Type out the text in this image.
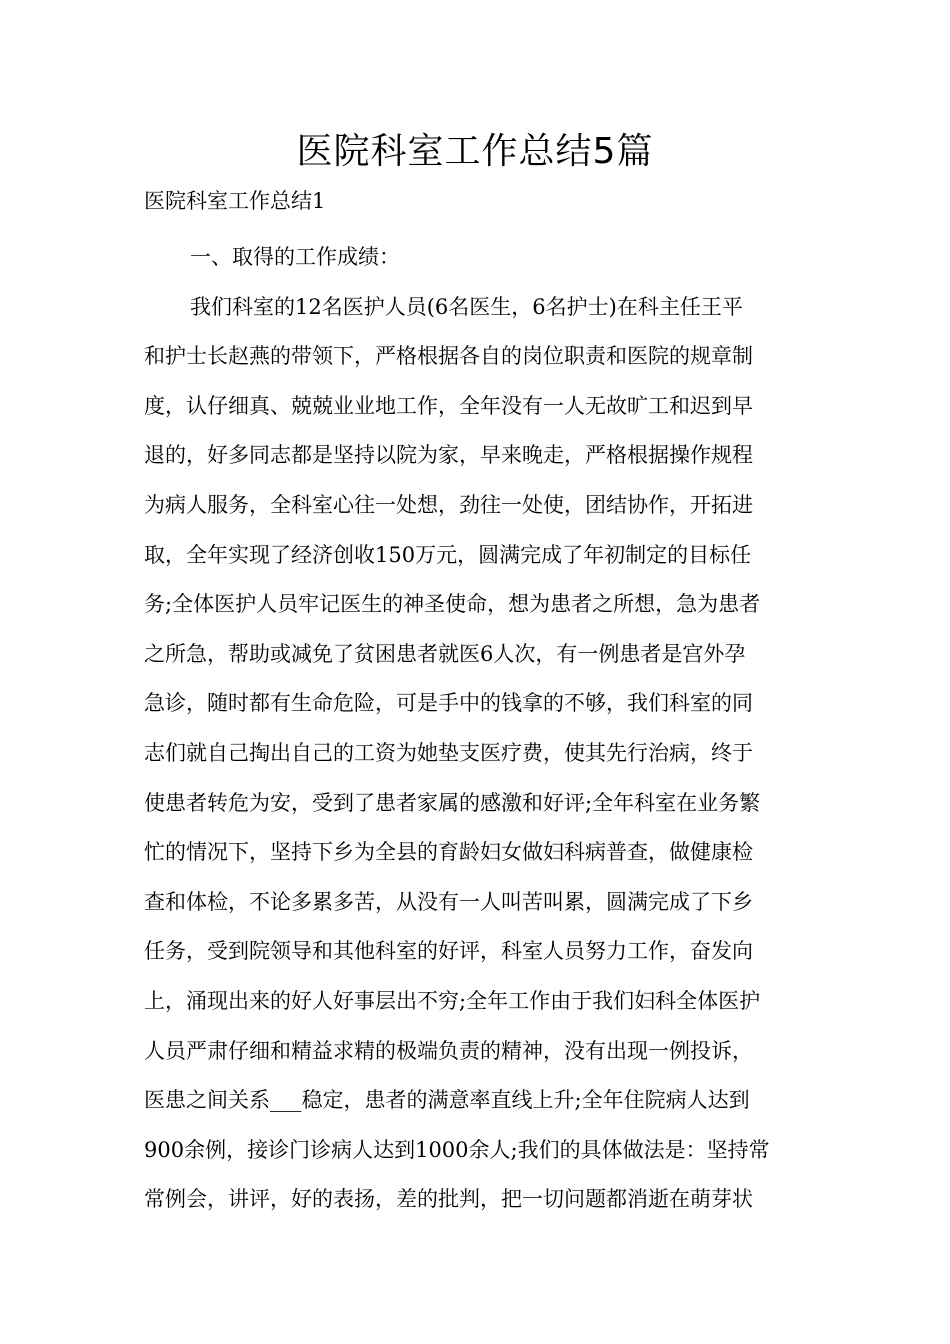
医院科室工作总结5篇
医院科室工作总结1
一、取得的工作成绩：
我们科室的12名医护人员(6名医生，6名护士)在科主任王平
和护士长赵燕的带领下，严格根据各自的岗位职责和医院的规章制
度，认仔细真、兢兢业业地工作，全年没有一人无故旷工和迟到早
退的，好多同志都是坚持以院为家，早来晚走，严格根据操作规程
为病人服务，全科室心往一处想，劲往一处使，团结协作，开拓进
取，全年实现了经济创收150万元，圆满完成了年初制定的目标任
务;全体医护人员牢记医生的神圣使命，想为患者之所想，急为患者
之所急，帮助或减免了贫困患者就医6人次，有一例患者是宫外孕
急诊，随时都有生命危险，可是手中的钱拿的不够，我们科室的同
志们就自己掏出自己的工资为她垫支医疗费，使其先行治病，终于
使患者转危为安，受到了患者家属的感激和好评;全年科室在业务繁
忙的情况下，坚持下乡为全县的育龄妇女做妇科病普查，做健康检
查和体检，不论多累多苦，从没有一人叫苦叫累，圆满完成了下乡
任务，受到院领导和其他科室的好评，科室人员努力工作，奋发向
上，涌现出来的好人好事层出不穷;全年工作由于我们妇科全体医护
人员严肃仔细和精益求精的极端负责的精神，没有出现一例投诉，
医患之间关系___稳定，患者的满意率直线上升;全年住院病人达到
900余例，接诊门诊病人达到1000余人;我们的具体做法是：坚持常
常例会，讲评，好的表扬，差的批判，把一切问题都消逝在萌芽状
